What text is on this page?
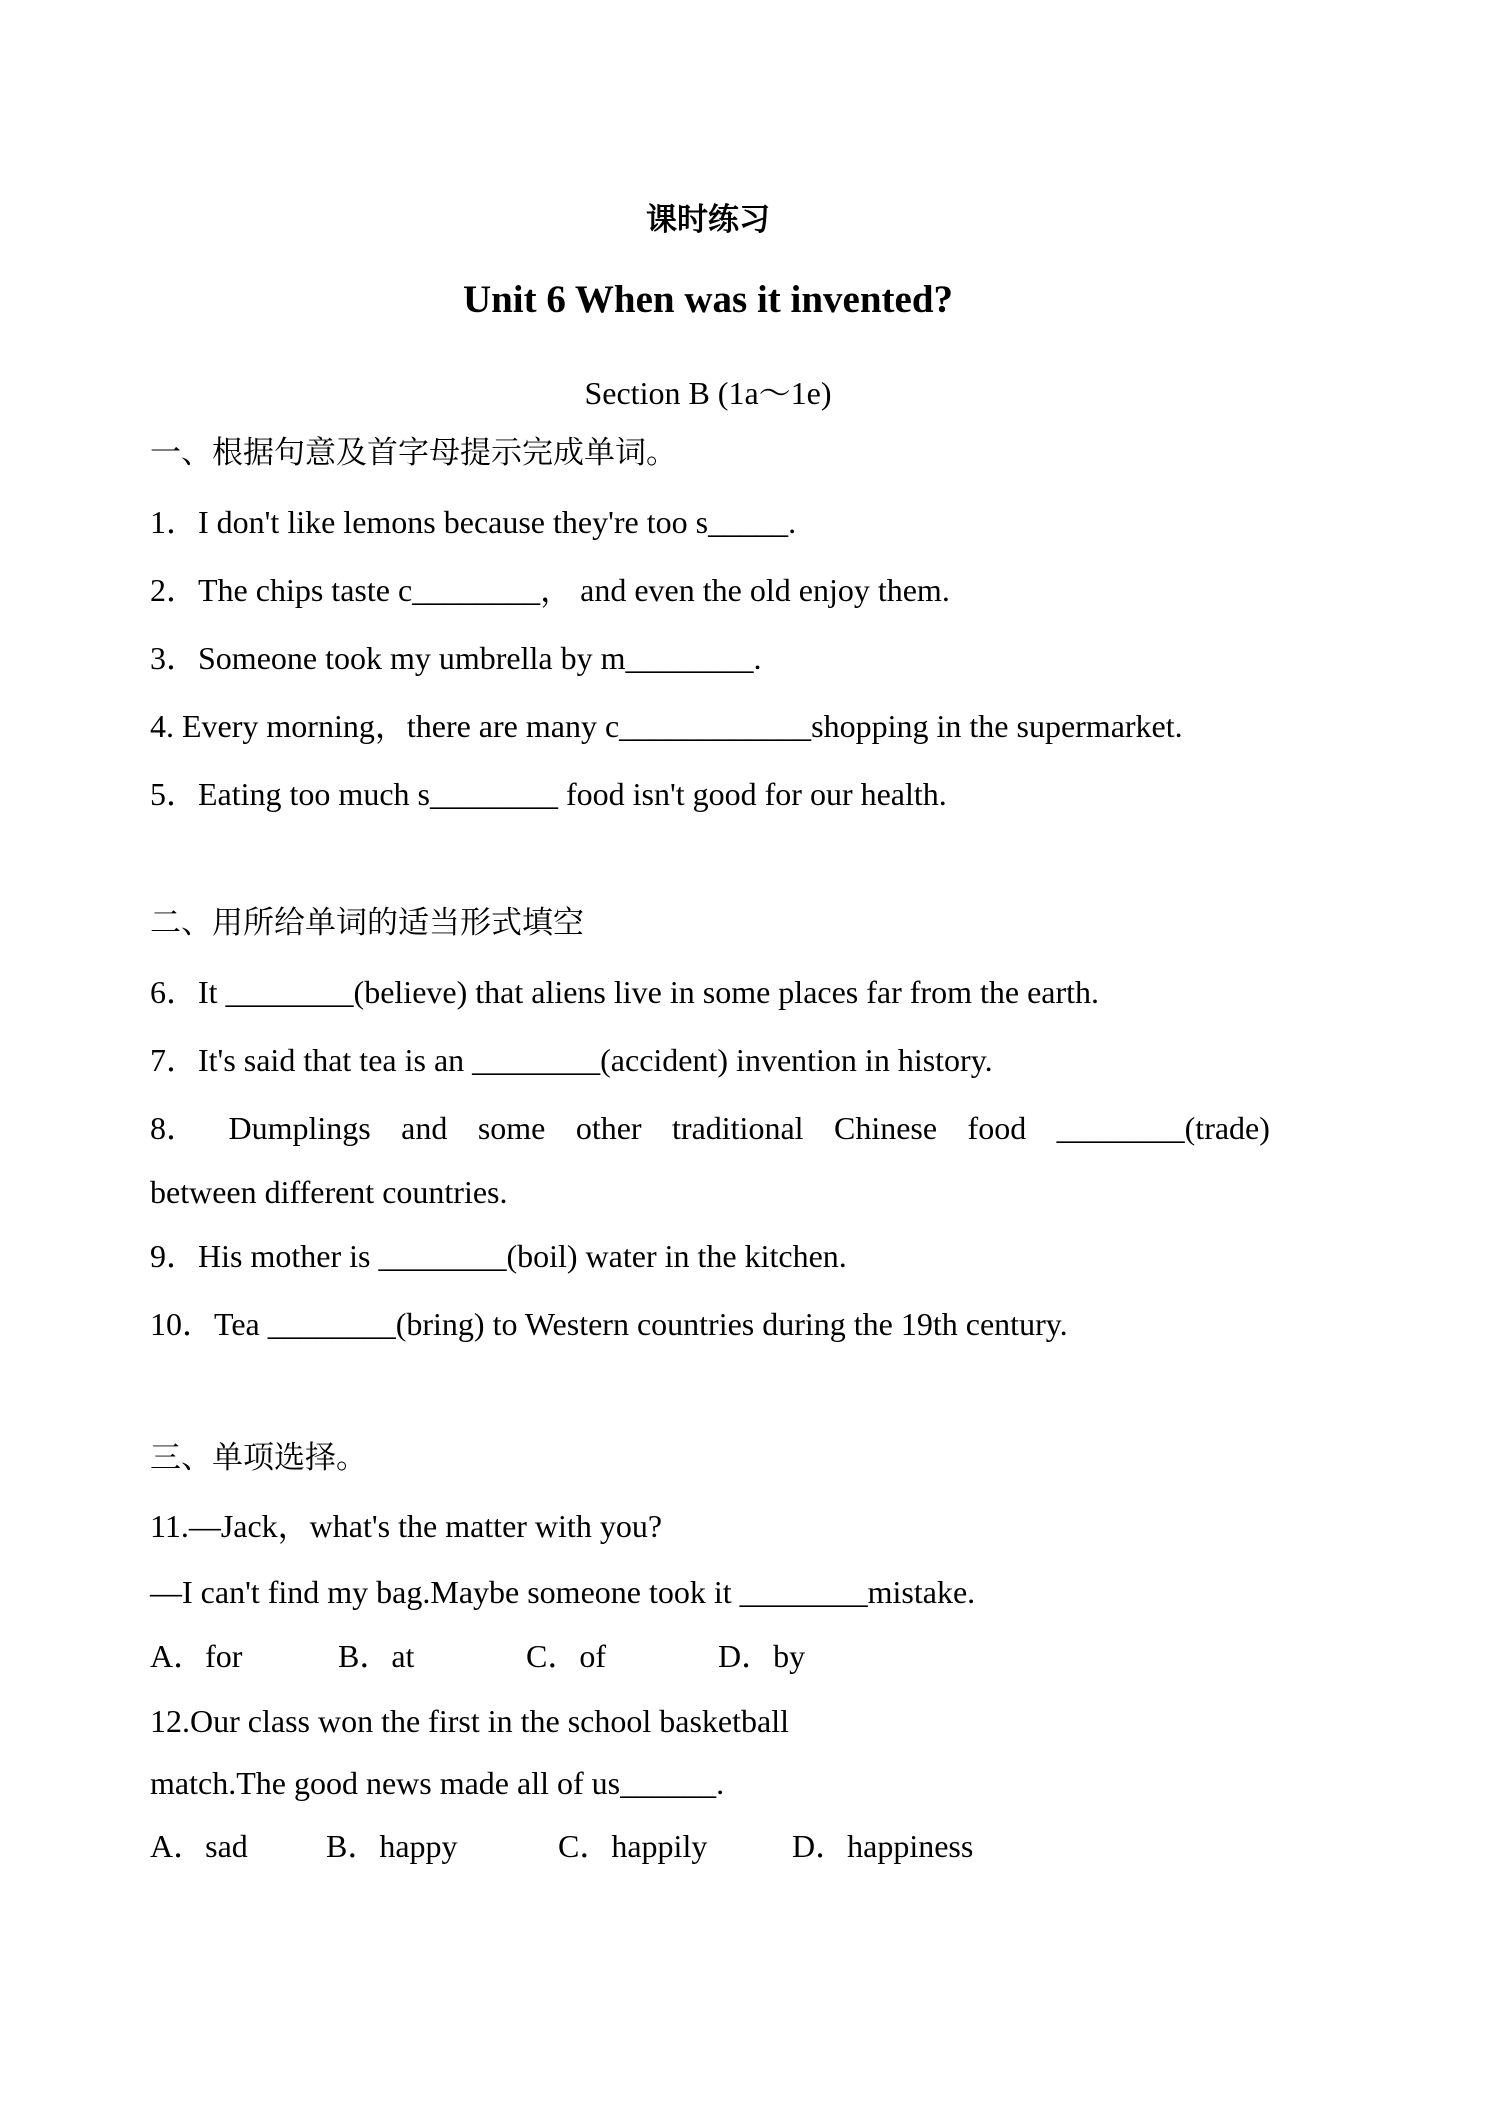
课时练习
Unit 6 When was it invented?
Section B (1a～1e)
一、根据句意及首字母提示完成单词。
1．I don't like lemons because they're too s_____.
2．The chips taste c________， and even the old enjoy them.
3．Someone took my umbrella by m________.
4. Every morning，there are many c____________shopping in the supermarket.
5．Eating too much s________ food isn't good for our health.
二、用所给单词的适当形式填空
6．It ________(believe) that aliens live in some places far from the earth.
7．It's said that tea is an ________(accident) invention in history.
8． Dumplings and some other traditional Chinese food ________(trade)
between different countries.
9．His mother is ________(boil) water in the kitchen.
10．Tea ________(bring) to Western countries during the 19th century.
三、单项选择。
11.—Jack，what's the matter with you?
—I can't find my bag.Maybe someone took it ________mistake.
A．for	B．at	C．of	D．by
12.Our class won the first in the school basketball
match.The good news made all of us______.
A．sad	B．happy	C．happily	D．happiness
